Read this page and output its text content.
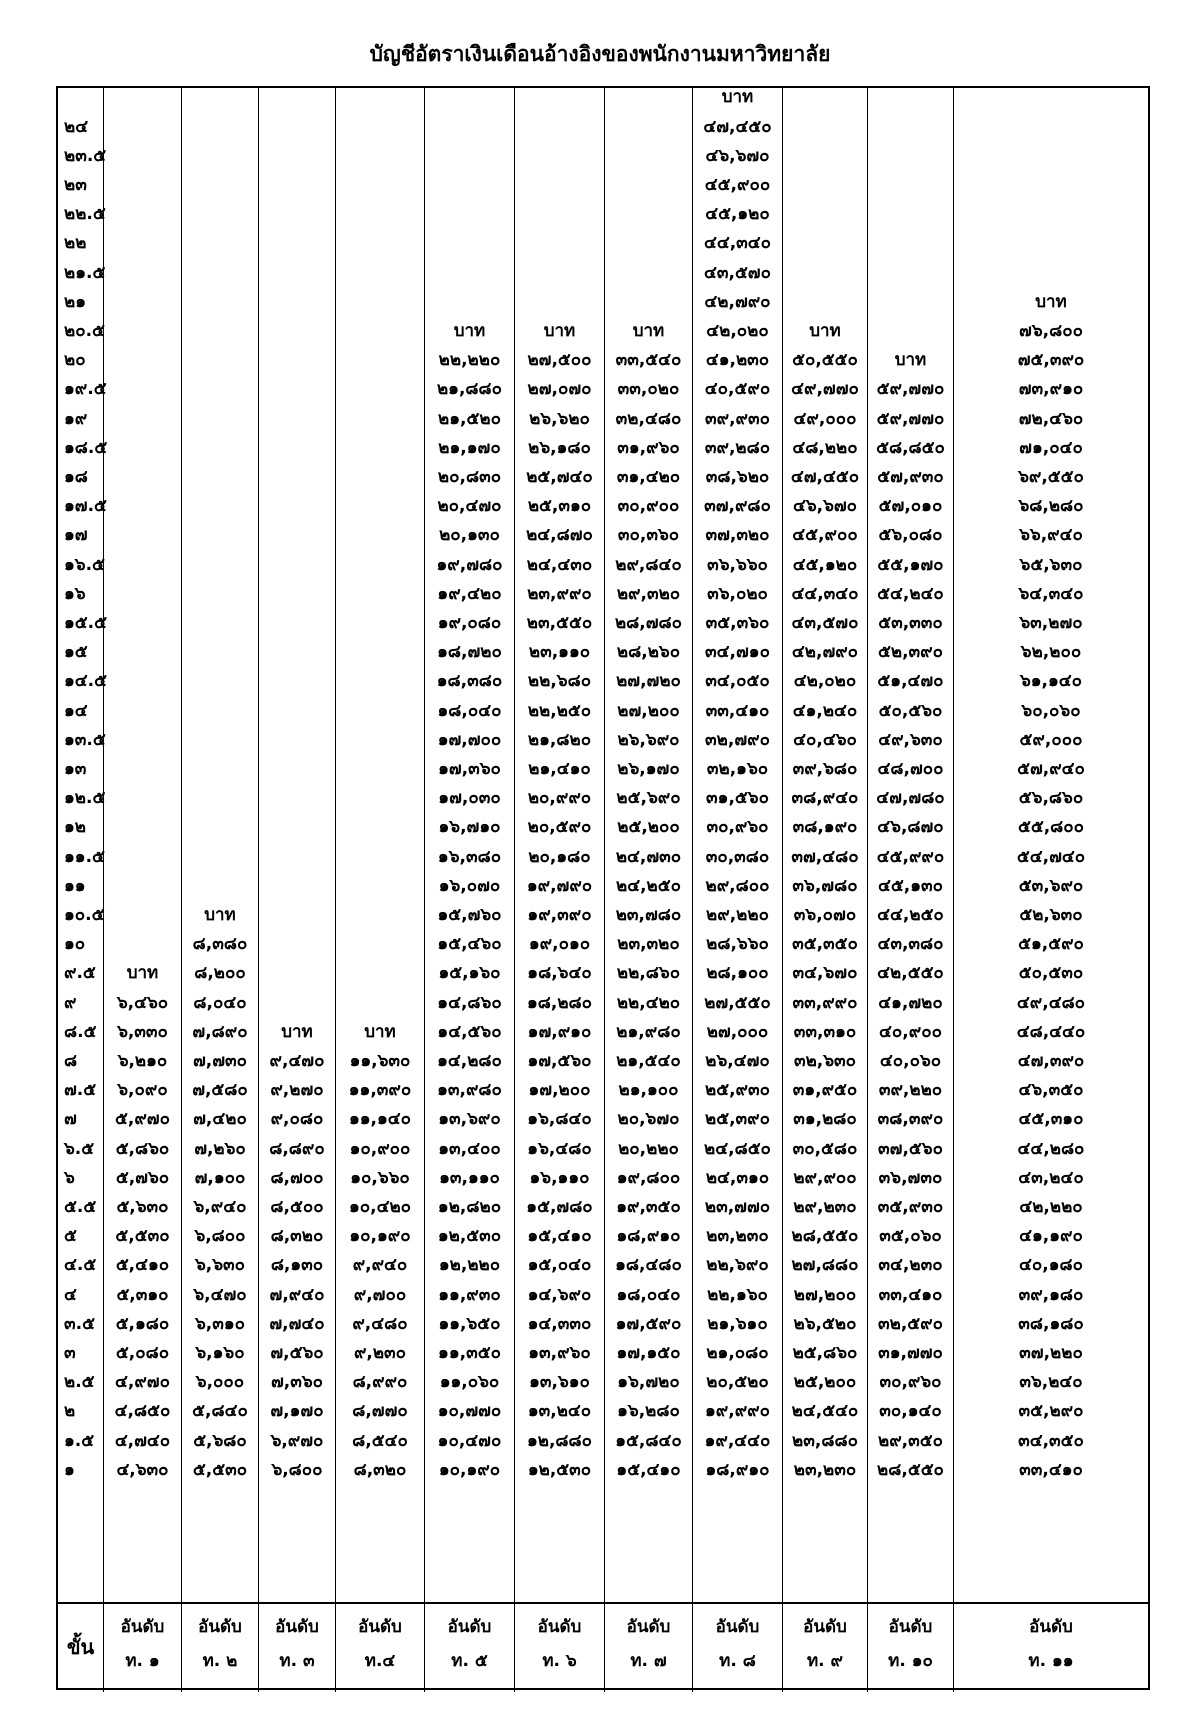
บัญชีอัตราเงินเดือนอ้างอิงของพนักงานมหาวิทยาลัย
ขั้น
อันดับ
ท. ๑
อันดับ
ท. ๒
อันดับ
ท. ๓
อันดับ
ท.๔
อันดับ
ท. ๕
อันดับ
ท. ๖
อันดับ
ท. ๗
อันดับ
ท. ๘
อันดับ
ท. ๙
อันดับ
ท. ๑๐
อันดับ
ท. ๑๑
๒๔
๒๓.๕
๒๓
๒๒.๕
๒๒
๒๑.๕
๒๑
๒๐.๕
๒๐
๑๙.๕
๑๙
๑๘.๕
๑๘
๑๗.๕
๑๗
๑๖.๕
๑๖
๑๕.๕
๑๕
๑๔.๕
๑๔
๑๓.๕
๑๓
๑๒.๕
๑๒
๑๑.๕
๑๑
๑๐.๕
๑๐
๙.๕
๙
๘.๕
๘
๗.๕
๗
๖.๕
๖
๕.๕
๕
๔.๕
๔
๓.๕
๓
๒.๕
๒
๑.๕
๑
บาท
๖,๔๖๐
๖,๓๓๐
๖,๒๑๐
๖,๐๙๐
๕,๙๗๐
๕,๘๖๐
๕,๗๖๐
๕,๖๓๐
๕,๕๓๐
๕,๔๑๐
๕,๓๑๐
๕,๑๘๐
๕,๐๘๐
๔,๙๗๐
๔,๘๕๐
๔,๗๔๐
๔,๖๓๐
บาท
๘,๓๘๐
๘,๒๐๐
๘,๐๔๐
๗,๘๙๐
๗,๗๓๐
๗,๕๘๐
๗,๔๒๐
๗,๒๖๐
๗,๑๐๐
๖,๙๔๐
๖,๘๐๐
๖,๖๓๐
๖,๔๗๐
๖,๓๑๐
๖,๑๖๐
๖,๐๐๐
๕,๘๔๐
๕,๖๘๐
๕,๕๓๐
บาท
๙,๔๗๐
๙,๒๗๐
๙,๐๘๐
๘,๘๙๐
๘,๗๐๐
๘,๕๐๐
๘,๓๒๐
๘,๑๓๐
๗,๙๔๐
๗,๗๔๐
๗,๕๖๐
๗,๓๖๐
๗,๑๗๐
๖,๙๗๐
๖,๘๐๐
บาท
๑๑,๖๓๐
๑๑,๓๙๐
๑๑,๑๔๐
๑๐,๙๐๐
๑๐,๖๖๐
๑๐,๔๒๐
๑๐,๑๙๐
๙,๙๔๐
๙,๗๐๐
๙,๔๘๐
๙,๒๓๐
๘,๙๙๐
๘,๗๗๐
๘,๕๔๐
๘,๓๒๐
บาท
๒๒,๒๒๐
๒๑,๘๘๐
๒๑,๕๒๐
๒๑,๑๗๐
๒๐,๘๓๐
๒๐,๔๗๐
๒๐,๑๓๐
๑๙,๗๘๐
๑๙,๔๒๐
๑๙,๐๘๐
๑๘,๗๒๐
๑๘,๓๘๐
๑๘,๐๔๐
๑๗,๗๐๐
๑๗,๓๖๐
๑๗,๐๓๐
๑๖,๗๑๐
๑๖,๓๘๐
๑๖,๐๗๐
๑๕,๗๖๐
๑๕,๔๖๐
๑๕,๑๖๐
๑๔,๘๖๐
๑๔,๕๖๐
๑๔,๒๘๐
๑๓,๙๘๐
๑๓,๖๙๐
๑๓,๔๐๐
๑๓,๑๑๐
๑๒,๘๒๐
๑๒,๕๓๐
๑๒,๒๒๐
๑๑,๙๓๐
๑๑,๖๕๐
๑๑,๓๕๐
๑๑,๐๖๐
๑๐,๗๗๐
๑๐,๔๗๐
๑๐,๑๙๐
บาท
๒๗,๕๐๐
๒๗,๐๗๐
๒๖,๖๒๐
๒๖,๑๘๐
๒๕,๗๔๐
๒๕,๓๑๐
๒๔,๘๗๐
๒๔,๔๓๐
๒๓,๙๙๐
๒๓,๕๕๐
๒๓,๑๑๐
๒๒,๖๘๐
๒๒,๒๕๐
๒๑,๘๒๐
๒๑,๔๑๐
๒๐,๙๙๐
๒๐,๕๙๐
๒๐,๑๘๐
๑๙,๗๙๐
๑๙,๓๙๐
๑๙,๐๑๐
๑๘,๖๔๐
๑๘,๒๘๐
๑๗,๙๑๐
๑๗,๕๖๐
๑๗,๒๐๐
๑๖,๘๔๐
๑๖,๔๘๐
๑๖,๑๑๐
๑๕,๗๘๐
๑๕,๔๑๐
๑๕,๐๔๐
๑๔,๖๙๐
๑๔,๓๓๐
๑๓,๙๖๐
๑๓,๖๑๐
๑๓,๒๔๐
๑๒,๘๘๐
๑๒,๕๓๐
บาท
๓๓,๕๔๐
๓๓,๐๒๐
๓๒,๔๘๐
๓๑,๙๖๐
๓๑,๔๒๐
๓๐,๙๐๐
๓๐,๓๖๐
๒๙,๘๔๐
๒๙,๓๒๐
๒๘,๗๘๐
๒๘,๒๖๐
๒๗,๗๒๐
๒๗,๒๐๐
๒๖,๖๙๐
๒๖,๑๗๐
๒๕,๖๙๐
๒๕,๒๐๐
๒๔,๗๓๐
๒๔,๒๕๐
๒๓,๗๘๐
๒๓,๓๒๐
๒๒,๘๖๐
๒๒,๔๒๐
๒๑,๙๘๐
๒๑,๕๔๐
๒๑,๑๐๐
๒๐,๖๗๐
๒๐,๒๒๐
๑๙,๘๐๐
๑๙,๓๕๐
๑๘,๙๑๐
๑๘,๔๘๐
๑๘,๐๔๐
๑๗,๕๙๐
๑๗,๑๕๐
๑๖,๗๒๐
๑๖,๒๘๐
๑๕,๘๔๐
๑๕,๔๑๐
บาท
๔๗,๔๕๐
๔๖,๖๗๐
๔๕,๙๐๐
๔๕,๑๒๐
๔๔,๓๔๐
๔๓,๕๗๐
๔๒,๗๙๐
๔๒,๐๒๐
๔๑,๒๓๐
๔๐,๕๙๐
๓๙,๙๓๐
๓๙,๒๘๐
๓๘,๖๒๐
๓๗,๙๘๐
๓๗,๓๒๐
๓๖,๖๖๐
๓๖,๐๒๐
๓๕,๓๖๐
๓๔,๗๑๐
๓๔,๐๕๐
๓๓,๔๑๐
๓๒,๗๙๐
๓๒,๑๖๐
๓๑,๕๖๐
๓๐,๙๖๐
๓๐,๓๘๐
๒๙,๘๐๐
๒๙,๒๒๐
๒๘,๖๖๐
๒๘,๑๐๐
๒๗,๕๕๐
๒๗,๐๐๐
๒๖,๔๗๐
๒๕,๙๓๐
๒๕,๓๙๐
๒๔,๘๕๐
๒๔,๓๑๐
๒๓,๗๗๐
๒๓,๒๓๐
๒๒,๖๙๐
๒๒,๑๖๐
๒๑,๖๑๐
๒๑,๐๘๐
๒๐,๕๒๐
๑๙,๙๙๐
๑๙,๔๔๐
๑๘,๙๑๐
บาท
๕๐,๕๕๐
๔๙,๗๗๐
๔๙,๐๐๐
๔๘,๒๒๐
๔๗,๔๕๐
๔๖,๖๗๐
๔๕,๙๐๐
๔๕,๑๒๐
๔๔,๓๔๐
๔๓,๕๗๐
๔๒,๗๙๐
๔๒,๐๒๐
๔๑,๒๔๐
๔๐,๔๖๐
๓๙,๖๘๐
๓๘,๙๔๐
๓๘,๑๙๐
๓๗,๔๘๐
๓๖,๗๘๐
๓๖,๐๗๐
๓๕,๓๕๐
๓๔,๖๗๐
๓๓,๙๙๐
๓๓,๓๑๐
๓๒,๖๓๐
๓๑,๙๕๐
๓๑,๒๘๐
๓๐,๕๘๐
๒๙,๙๐๐
๒๙,๒๓๐
๒๘,๕๕๐
๒๗,๘๘๐
๒๗,๒๐๐
๒๖,๕๒๐
๒๕,๘๖๐
๒๕,๒๐๐
๒๔,๕๔๐
๒๓,๘๘๐
๒๓,๒๓๐
บาท
๕๙,๗๗๐
๕๙,๗๗๐
๕๘,๘๕๐
๕๗,๙๓๐
๕๗,๐๑๐
๕๖,๐๘๐
๕๕,๑๗๐
๕๔,๒๔๐
๕๓,๓๓๐
๕๒,๓๙๐
๕๑,๔๗๐
๕๐,๕๖๐
๔๙,๖๓๐
๔๘,๗๐๐
๔๗,๗๘๐
๔๖,๘๗๐
๔๕,๙๙๐
๔๕,๑๓๐
๔๔,๒๕๐
๔๓,๓๘๐
๔๒,๕๕๐
๔๑,๗๒๐
๔๐,๙๐๐
๔๐,๐๖๐
๓๙,๒๒๐
๓๘,๓๙๐
๓๗,๕๖๐
๓๖,๗๓๐
๓๕,๙๓๐
๓๕,๐๖๐
๓๔,๒๓๐
๓๓,๔๑๐
๓๒,๕๙๐
๓๑,๗๗๐
๓๐,๙๖๐
๓๐,๑๔๐
๒๙,๓๕๐
๒๘,๕๕๐
บาท
๗๖,๘๐๐
๗๕,๓๙๐
๗๓,๙๑๐
๗๒,๔๖๐
๗๑,๐๔๐
๖๙,๕๕๐
๖๘,๒๘๐
๖๖,๙๔๐
๖๕,๖๓๐
๖๔,๓๔๐
๖๓,๒๗๐
๖๒,๒๐๐
๖๑,๑๔๐
๖๐,๐๖๐
๕๙,๐๐๐
๕๗,๙๔๐
๕๖,๘๖๐
๕๕,๘๐๐
๕๔,๗๔๐
๕๓,๖๙๐
๕๒,๖๓๐
๕๑,๕๙๐
๕๐,๕๓๐
๔๙,๔๘๐
๔๘,๔๔๐
๔๗,๓๙๐
๔๖,๓๕๐
๔๕,๓๑๐
๔๔,๒๘๐
๔๓,๒๔๐
๔๒,๒๒๐
๔๑,๑๙๐
๔๐,๑๘๐
๓๙,๑๘๐
๓๘,๑๘๐
๓๗,๒๒๐
๓๖,๒๔๐
๓๕,๒๙๐
๓๔,๓๕๐
๓๓,๔๑๐
